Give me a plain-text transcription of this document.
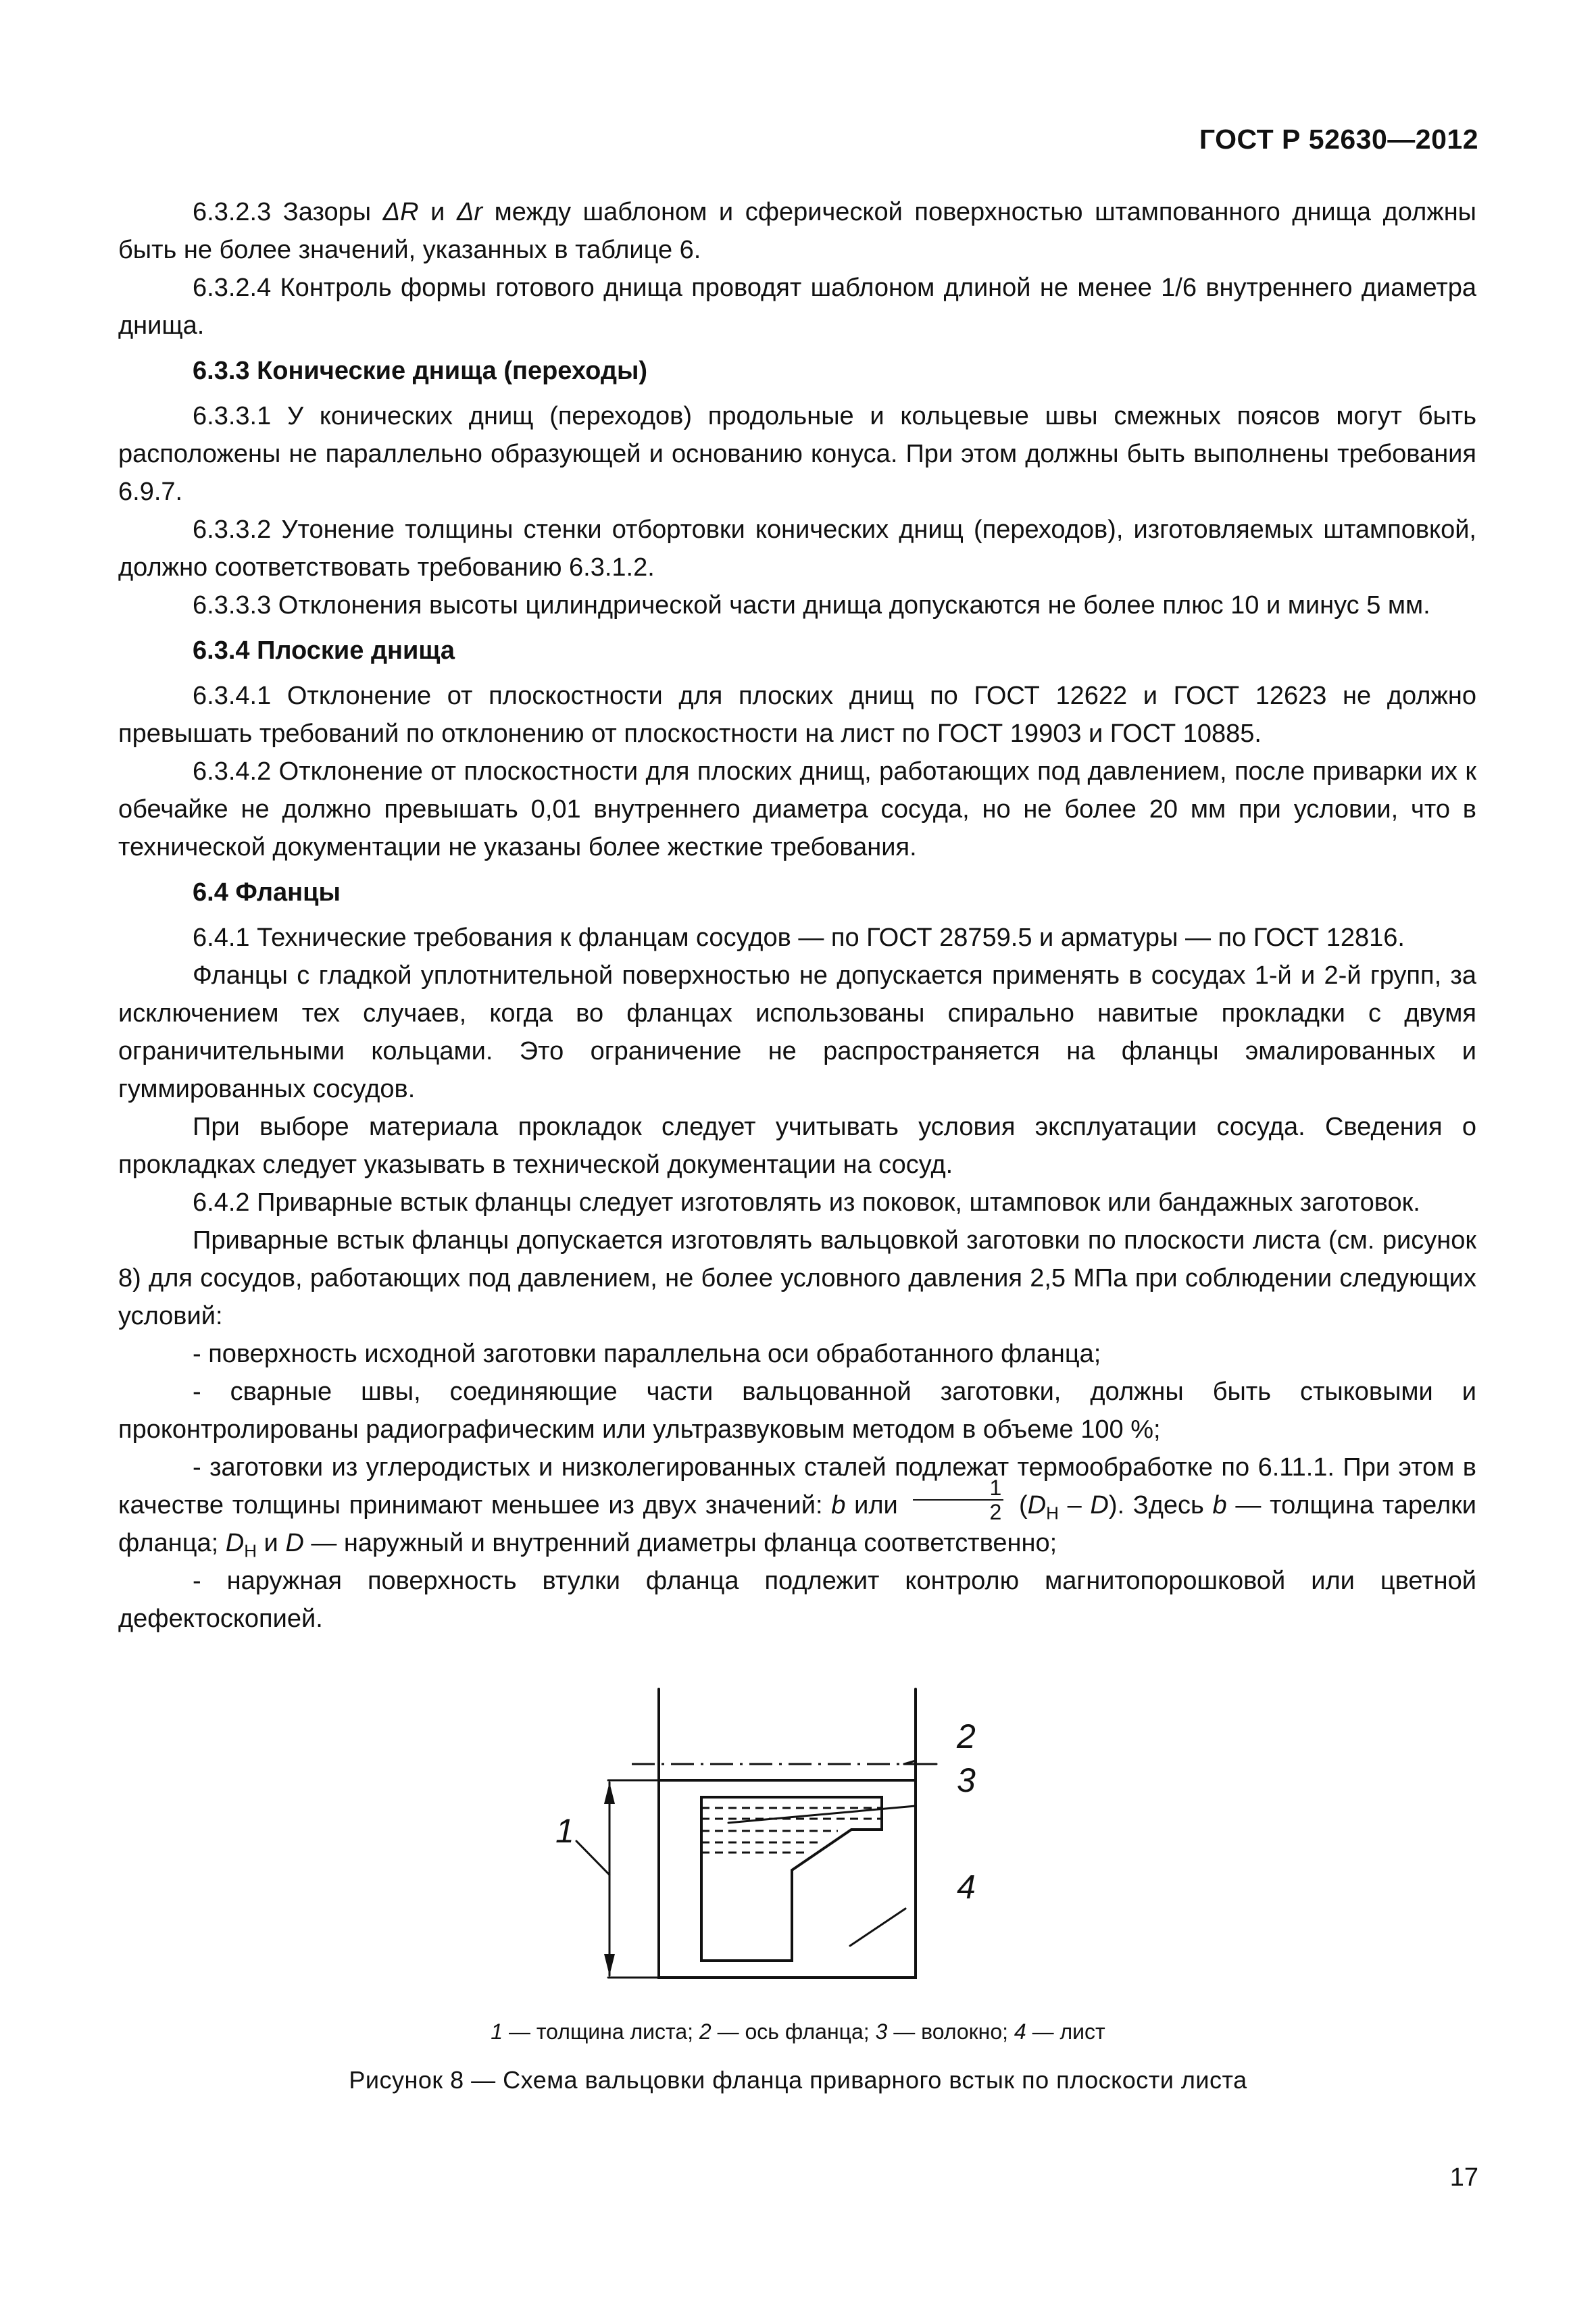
ГОСТ Р 52630—2012

6.3.2.3 Зазоры ΔR и Δr между шаблоном и сферической поверхностью штампованного днища должны быть не более значений, указанных в таблице 6.

6.3.2.4 Контроль формы готового днища проводят шаблоном длиной не менее 1/6 внутреннего диаметра днища.

6.3.3 Конические днища (переходы)

6.3.3.1 У конических днищ (переходов) продольные и кольцевые швы смежных поясов могут быть расположены не параллельно образующей и основанию конуса. При этом должны быть выполнены требования 6.9.7.

6.3.3.2 Утонение толщины стенки отбортовки конических днищ (переходов), изготовляемых штамповкой, должно соответствовать требованию 6.3.1.2.

6.3.3.3 Отклонения высоты цилиндрической части днища допускаются не более плюс 10 и минус 5 мм.

6.3.4 Плоские днища

6.3.4.1 Отклонение от плоскостности для плоских днищ по ГОСТ 12622 и ГОСТ 12623 не должно превышать требований по отклонению от плоскостности на лист по ГОСТ 19903 и ГОСТ 10885.

6.3.4.2 Отклонение от плоскостности для плоских днищ, работающих под давлением, после приварки их к обечайке не должно превышать 0,01 внутреннего диаметра сосуда, но не более 20 мм при условии, что в технической документации не указаны более жесткие требования.

6.4 Фланцы

6.4.1 Технические требования к фланцам сосудов — по ГОСТ 28759.5 и арматуры — по ГОСТ 12816.

Фланцы с гладкой уплотнительной поверхностью не допускается применять в сосудах 1-й и 2-й групп, за исключением тех случаев, когда во фланцах использованы спирально навитые прокладки с двумя ограничительными кольцами. Это ограничение не распространяется на фланцы эмалированных и гуммированных сосудов.

При выборе материала прокладок следует учитывать условия эксплуатации сосуда. Сведения о прокладках следует указывать в технической документации на сосуд.

6.4.2 Приварные встык фланцы следует изготовлять из поковок, штамповок или бандажных заготовок.

Приварные встык фланцы допускается изготовлять вальцовкой заготовки по плоскости листа (см. рисунок 8) для сосудов, работающих под давлением, не более условного давления 2,5 МПа при соблюдении следующих условий:

- поверхность исходной заготовки параллельна оси обработанного фланца;

- сварные швы, соединяющие части вальцованной заготовки, должны быть стыковыми и проконтролированы радиографическим или ультразвуковым методом в объеме 100 %;

- заготовки из углеродистых и низколегированных сталей подлежат термообработке по 6.11.1. При этом в качестве толщины принимают меньшее из двух значений: b или $\frac{1}{2} (D_Н - D)$. Здесь b — толщина тарелки фланца; $D_Н$ и D — наружный и внутренний диаметры фланца соответственно;

- наружная поверхность втулки фланца подлежит контролю магнитопорошковой или цветной дефектоскопией.

1
2
3
4
1 — толщина листа; 2 — ось фланца; 3 — волокно; 4 — лист
Рисунок 8 — Схема вальцовки фланца приварного встык по плоскости листа
17
